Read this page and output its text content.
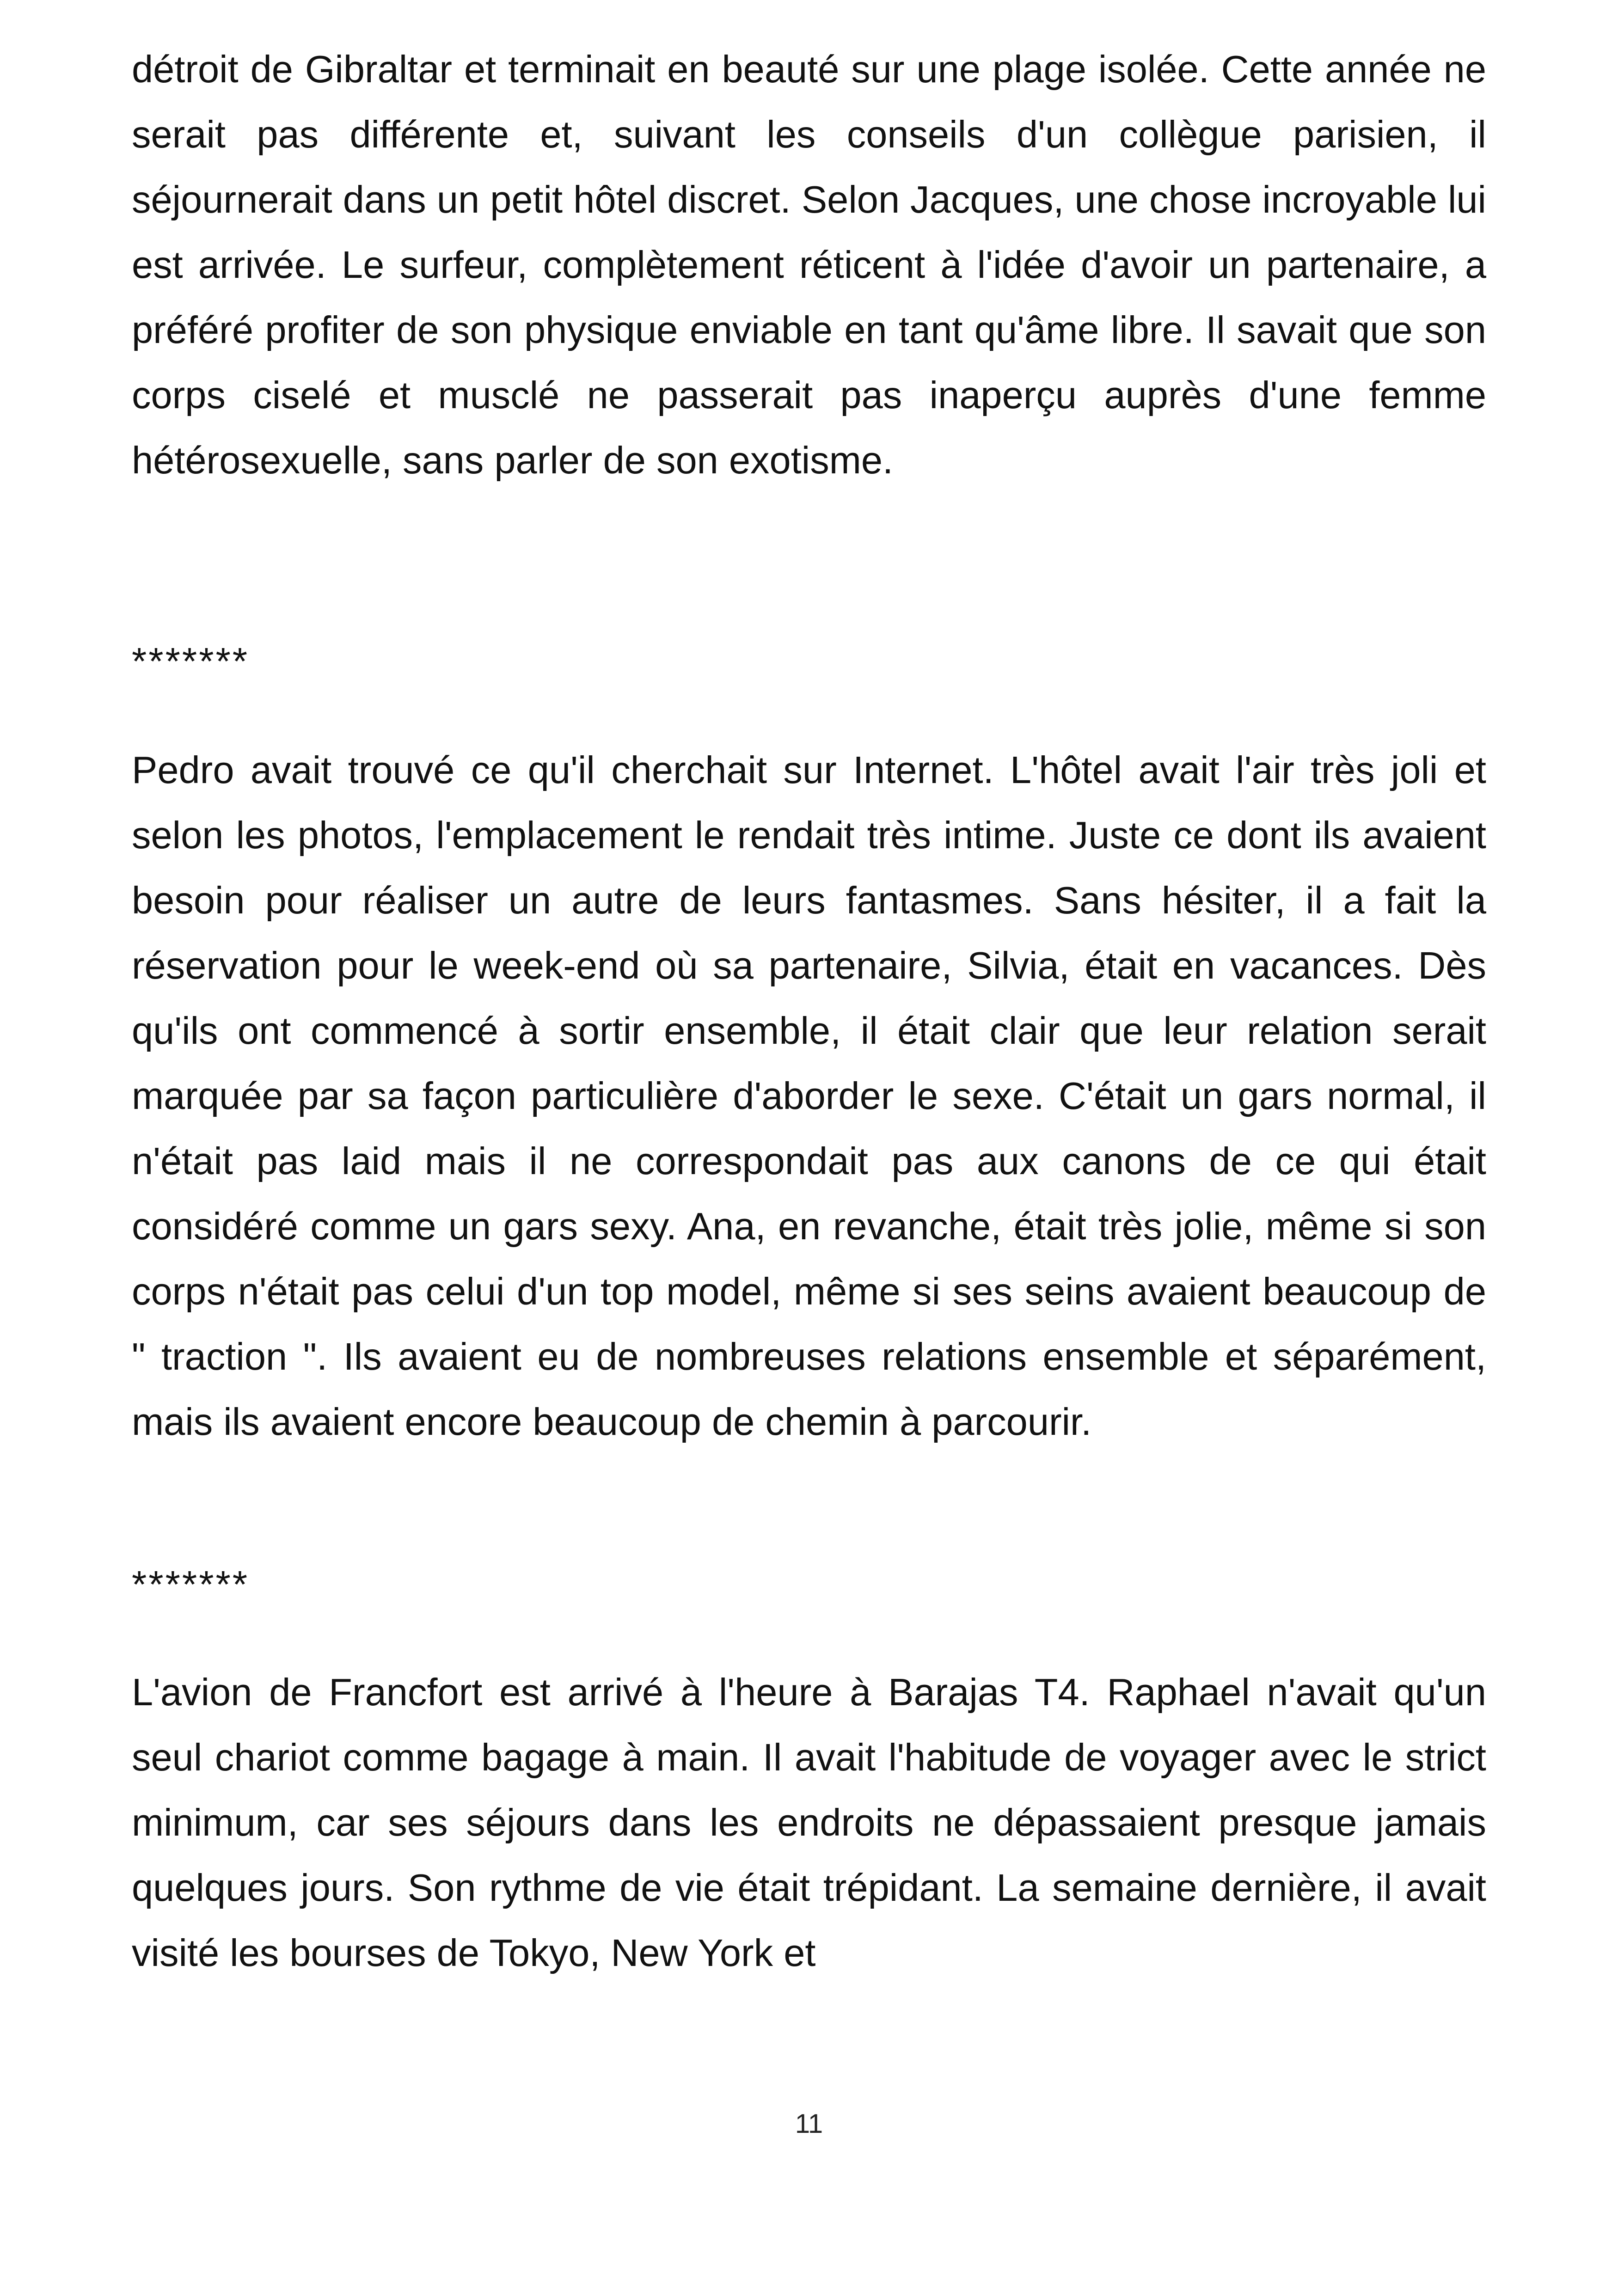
détroit de Gibraltar et terminait en beauté sur une plage isolée. Cette année ne serait pas différente et, suivant les conseils d'un collègue parisien, il séjournerait dans un petit hôtel discret. Selon Jacques, une chose incroyable lui est arrivée. Le surfeur, complètement réticent à l'idée d'avoir un partenaire, a préféré profiter de son physique enviable en tant qu'âme libre. Il savait que son corps ciselé et musclé ne passerait pas inaperçu auprès d'une femme hétérosexuelle, sans parler de son exotisme.

*******

Pedro avait trouvé ce qu'il cherchait sur Internet. L'hôtel avait l'air très joli et selon les photos, l'emplacement le rendait très intime. Juste ce dont ils avaient besoin pour réaliser un autre de leurs fantasmes. Sans hésiter, il a fait la réservation pour le week-end où sa partenaire, Silvia, était en vacances. Dès qu'ils ont commencé à sortir ensemble, il était clair que leur relation serait marquée par sa façon particulière d'aborder le sexe. C'était un gars normal, il n'était pas laid mais il ne correspondait pas aux canons de ce qui était considéré comme un gars sexy. Ana, en revanche, était très jolie, même si son corps n'était pas celui d'un top model, même si ses seins avaient beaucoup de " traction ". Ils avaient eu de nombreuses relations ensemble et séparément, mais ils avaient encore beaucoup de chemin à parcourir.

*******

L'avion de Francfort est arrivé à l'heure à Barajas T4. Raphael n'avait qu'un seul chariot comme bagage à main. Il avait l'habitude de voyager avec le strict minimum, car ses séjours dans les endroits ne dépassaient presque jamais quelques jours. Son rythme de vie était trépidant. La semaine dernière, il avait visité les bourses de Tokyo, New York et

11
